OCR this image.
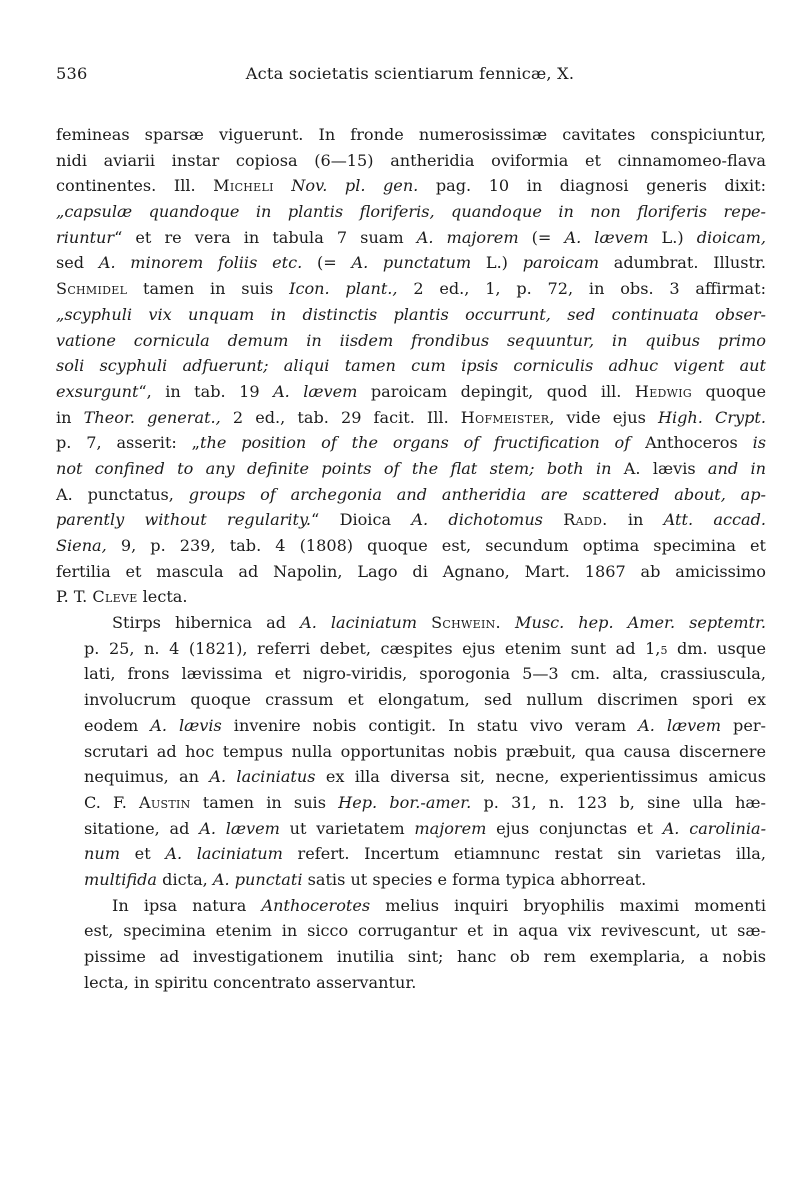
536	Acta societatis scientiarum fennicæ, X.
femineas sparsæ viguerunt. In fronde numerosissimæ cavitates conspiciuntur,
nidi aviarii instar copiosa (6—15) antheridia oviformia et cinnamomeo-flava
continentes. Ill. Micheli Nov. pl. gen. pag. 10 in diagnosi generis dixit:
„capsulæ quandoque in plantis floriferis, quandoque in non floriferis repe-
riuntur“ et re vera in tabula 7 suam A. majorem (= A. lævem L.) dioicam,
sed A. minorem foliis etc. (= A. punctatum L.) paroicam adumbrat. Illustr.
Schmidel tamen in suis Icon. plant., 2 ed., 1, p. 72, in obs. 3 affirmat:
„scyphuli vix unquam in distinctis plantis occurrunt, sed continuata obser-
vatione cornicula demum in iisdem frondibus sequuntur, in quibus primo
soli scyphuli adfuerunt; aliqui tamen cum ipsis corniculis adhuc vigent aut
exsurgunt“, in tab. 19 A. lævem paroicam depingit, quod ill. Hedwig quoque
in Theor. generat., 2 ed., tab. 29 facit. Ill. Hofmeister, vide ejus High. Crypt.
p. 7, asserit: „the position of the organs of fructification of Anthoceros is
not confined to any definite points of the flat stem; both in A. lævis and in
A. punctatus, groups of archegonia and antheridia are scattered about, ap-
parently without regularity.“ Dioica A. dichotomus Radd. in Att. accad.
Siena, 9, p. 239, tab. 4 (1808) quoque est, secundum optima specimina et
fertilia et mascula ad Napolin, Lago di Agnano, Mart. 1867 ab amicissimo
P. T. Cleve lecta.
Stirps hibernica ad A. laciniatum Schwein. Musc. hep. Amer. septemtr.
p. 25, n. 4 (1821), referri debet, cæspites ejus etenim sunt ad 1,5 dm. usque
lati, frons lævissima et nigro-viridis, sporogonia 5—3 cm. alta, crassiuscula,
involucrum quoque crassum et elongatum, sed nullum discrimen spori ex
eodem A. lævis invenire nobis contigit. In statu vivo veram A. lævem per-
scrutari ad hoc tempus nulla opportunitas nobis præbuit, qua causa discernere
nequimus, an A. laciniatus ex illa diversa sit, necne, experientissimus amicus
C. F. Austin tamen in suis Hep. bor.-amer. p. 31, n. 123 b, sine ulla hæ-
sitatione, ad A. lævem ut varietatem majorem ejus conjunctas et A. carolinia-
num et A. laciniatum refert. Incertum etiamnunc restat sin varietas illa,
multifida dicta, A. punctati satis ut species e forma typica abhorreat.
In ipsa natura Anthocerotes melius inquiri bryophilis maximi momenti
est, specimina etenim in sicco corrugantur et in aqua vix revivescunt, ut sæ-
pissime ad investigationem inutilia sint; hanc ob rem exemplaria, a nobis
lecta, in spiritu concentrato asservantur.
